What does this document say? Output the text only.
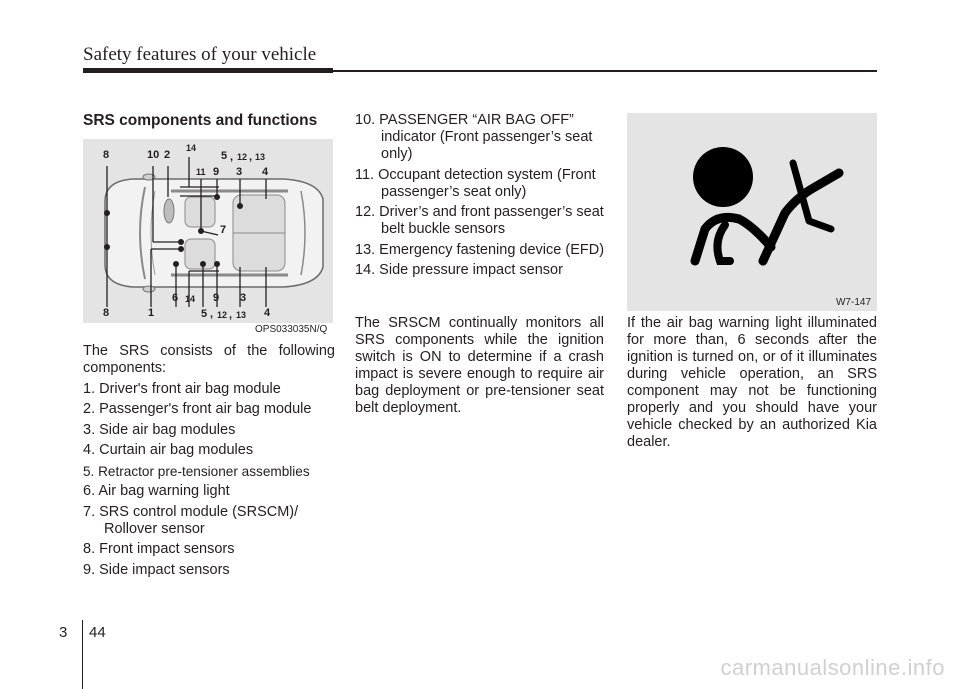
Safety features of your vehicle
SRS components and functions
8	10 2
14
5 , 12 , 13
11 9 3 4
7
8	1
6 14 9 3
4
5 , 12 , 13
OPS033035N/Q

The SRS consists of the following components:

1. Driver's front air bag module

2. Passenger's front air bag module

3. Side air bag modules

4. Curtain air bag modules

5. Retractor pre-tensioner assemblies

6. Air bag warning light

7. SRS control module (SRSCM)/ Rollover sensor

8. Front impact sensors

9. Side impact sensors

10. PASSENGER “AIR BAG OFF” indicator (Front passenger’s seat only)

11. Occupant detection system (Front passenger’s seat only)

12. Driver’s and front passenger’s seat belt buckle sensors

13. Emergency fastening device (EFD)

14. Side pressure impact sensor

The SRSCM continually monitors all SRS components while the ignition switch is ON to determine if a crash impact is severe enough to require air bag deployment or pre-tensioner seat belt deployment.
W7-147
If the air bag warning light illuminated for more than, 6 seconds after the ignition is turned on, or of it illuminates during vehicle operation, an SRS component may not be functioning properly and you should have your vehicle checked by an authorized Kia dealer.
3 44
carmanualsonline.info
